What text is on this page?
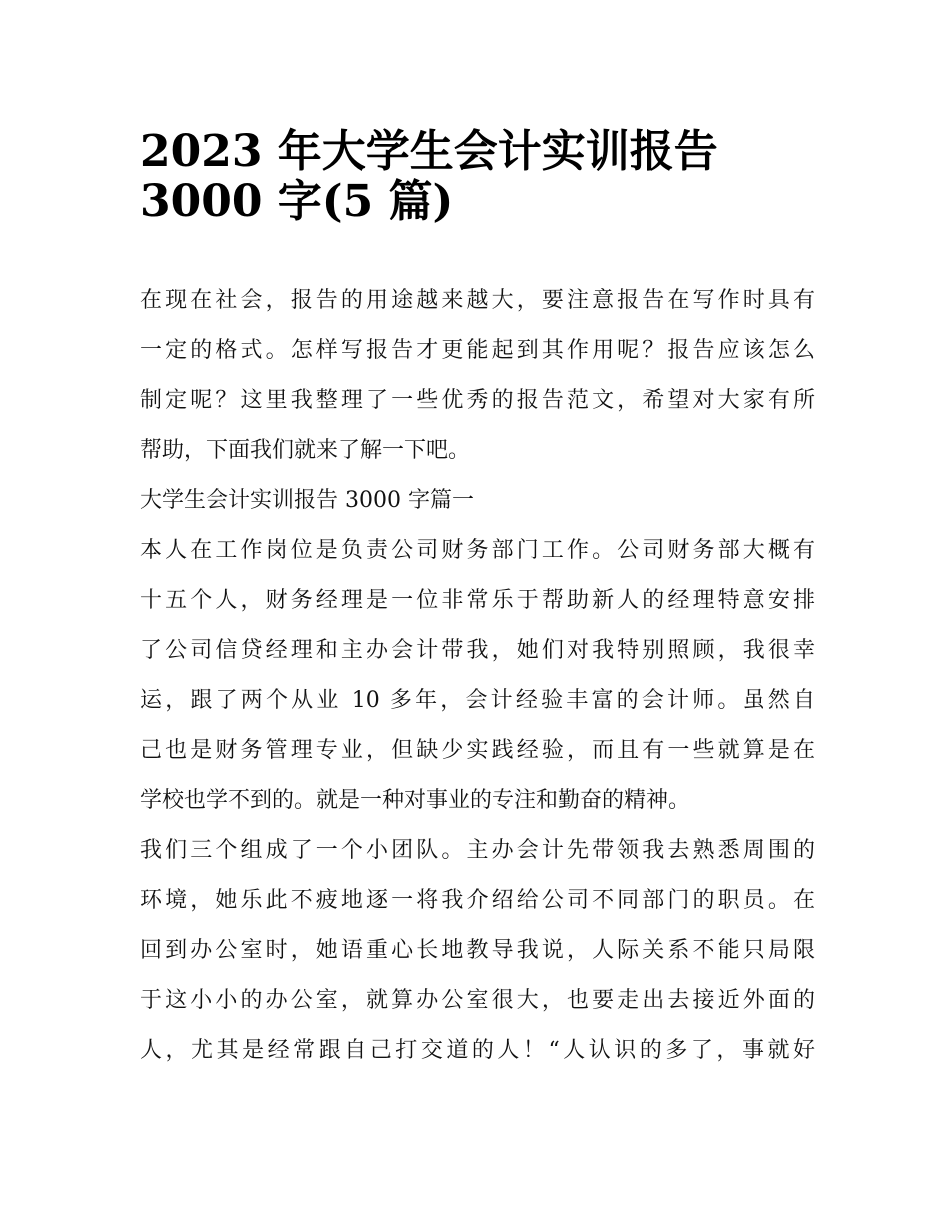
2023 年大学生会计实训报告
3000 字(5 篇)

在现在社会，报告的用途越来越大，要注意报告在写作时具有
一定的格式。怎样写报告才更能起到其作用呢？报告应该怎么
制定呢？这里我整理了一些优秀的报告范文，希望对大家有所
帮助，下面我们就来了解一下吧。

大学生会计实训报告 3000 字篇一

本人在工作岗位是负责公司财务部门工作。公司财务部大概有
十五个人，财务经理是一位非常乐于帮助新人的经理特意安排
了公司信贷经理和主办会计带我，她们对我特别照顾，我很幸
运，跟了两个从业 10 多年，会计经验丰富的会计师。虽然自
己也是财务管理专业，但缺少实践经验，而且有一些就算是在
学校也学不到的。就是一种对事业的专注和勤奋的精神。

我们三个组成了一个小团队。主办会计先带领我去熟悉周围的
环境，她乐此不疲地逐一将我介绍给公司不同部门的职员。在
回到办公室时，她语重心长地教导我说，人际关系不能只局限
于这小小的办公室，就算办公室很大，也要走出去接近外面的
人，尤其是经常跟自己打交道的人！“人认识的多了，事就好
